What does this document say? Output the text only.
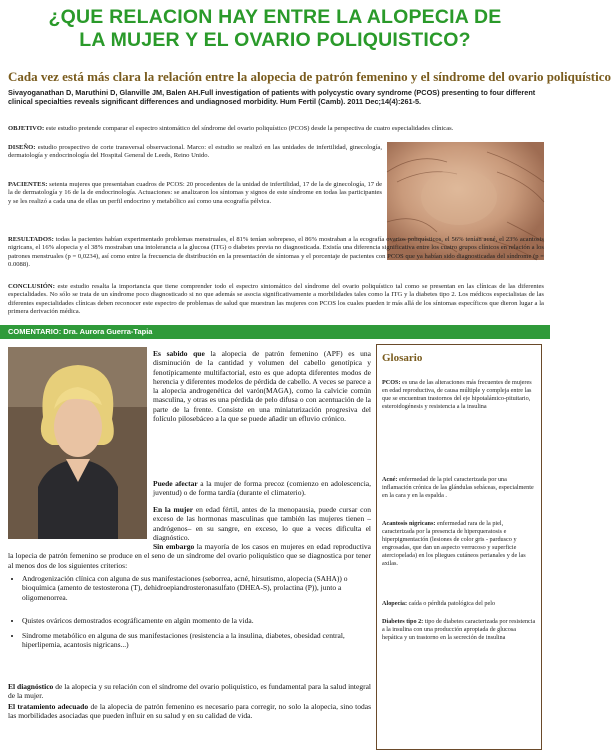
¿QUE RELACION HAY ENTRE LA ALOPECIA DE
LA MUJER Y EL OVARIO POLIQUISTICO?
Cada vez está más clara la relación entre la alopecia de patrón femenino y el síndrome del ovario poliquístico
Sivayoganathan D, Maruthini D, Glanville JM, Balen AH.Full investigation of patients with polycystic ovary syndrome (PCOS) presenting to four different clinical specialties reveals significant differences and undiagnosed morbidity. Hum Fertil (Camb). 2011 Dec;14(4):261-5.
OBJETIVO: este estudio pretende comparar el espectro sintomático del síndrome del ovario poliquístico (PCOS) desde la perspectiva de cuatro especialidades clínicas.
DISEÑO: estudio prospectivo de corte transversal observacional. Marco: el estudio se realizó en las unidades de infertilidad, ginecología, dermatología y endocrinología del Hospital General de Leeds, Reino Unido.
PACIENTES: setenta mujeres que presentaban cuadros de PCOS: 20 procedentes de la unidad de infertilidad, 17 de la de ginecología, 17 de la de dermatología y 16 de la de endocrinología. Actuaciones: se analizaron los síntomas y signos de este síndrome en todas las participantes y se les realizó a cada una de ellas un perfil endocrino y metabólico así como una ecografía pélvica.
RESULTADOS: todas la pacientes habían experimentado problemas menstruales, el 81% tenían sobrepeso, el 86% mostraban a la ecografía ovarios poliquísticos, el 56% tenían acné, el 23% acantosis nigricans, el 16% alopecia y el 38% mostraban una intolerancia a la glucosa (ITG) o diabetes previa no diagnosticada. Existía una diferencia significativa entre los cuatro grupos clínicos en relación a los patrones menstruales (p = 0,0234), así como entre la frecuencia de distribución en la presentación de síntomas y el porcentaje de pacientes con PCOS que ya habían sido diagnosticadas del síndrome (p = 0.0088).
CONCLUSIÓN: este estudio resalta la importancia que tiene comprender todo el espectro sintomático del síndrome del ovario poliquístico tal como se presentan en las clínicas de las diferentes especialidades. No sólo se trata de un síndrome poco diagnosticado si no que además se asocia significativamente a morbilidades tales como la ITG y la diabetes tipo 2. Los médicos especialistas de las diferentes especialidades clínicas deben reconocer este espectro de problemas de salud que muestran las mujeres con PCOS los cuales pueden ir más allá de los síntomas específicos que dieron lugar a la primera derivación médica.
COMENTARIO: Dra. Aurora Guerra-Tapia
Es sabido que la alopecia de patrón femenino (APF) es una disminución de la cantidad y volumen del cabello genotípica y fenotípicamente multifactorial, esto es que adopta diferentes modos de herencia y diferentes modelos de pérdida de cabello. A veces se parece a la alopecia androgenética del varón(MAGA), como la calvicie común masculina, y otras es una pérdida de pelo difusa o con acentuación de la parte de la frente. Consiste en una miniaturización progresiva del folículo pilosebáceo a la que se puede añadir un efluvio crónico.
Puede afectar a la mujer de forma precoz (comienzo en adolescencia, juventud) o de forma tardía (durante el climaterio).
En la mujer en edad fértil, antes de la menopausia, puede cursar con exceso de las hormonas masculinas que también las mujeres tienen – andrógenos– en su sangre, en exceso, lo que a veces dificulta el diagnóstico.
Sin embargo la mayoría de los casos en mujeres en edad reproductiva la lopecia de patrón femenino se produce en el seno de un síndrome del ovario poliquístico que se diagnostica por tener al menos dos de los siguientes criterios:
• Androgenización clínica con alguna de sus manifestaciones (seborrea, acné, hirsutismo, alopecia (SAHA)) o bioquímica (amento de testosterona (T), dehidroepiandrosteronasulfato (DHEA-S), prolactina (P)), junto a oligomenorrea.
• Quistes ováricos demostrados ecográficamente en algún momento de la vida.
• Síndrome metabólico en alguna de sus manifestaciones (resistencia a la insulina, diabetes, obesidad central, hiperlipemia, acantosis nigricans...)
El diagnóstico de la alopecia y su relación con el síndrome del ovario poliquístico, es fundamental para la salud integral de la mujer.
El tratamiento adecuado de la alopecia de patrón femenino es necesario para corregir, no solo la alopecia, sino todas las morbilidades asociadas que pueden influir en su salud y en su calidad de vida.
Glosario
PCOS: es una de las alteraciones más frecuentes de mujeres en edad reproductiva, de causa múltiple y compleja entre las que se encuentran trastornos del eje hipotalámico-pituitario, esteroidogénesis y resistencia a la insulina
Acné: enfermedad de la piel caracterizada por una inflamación crónica de las glándulas sebáceas, especialmente en la cara y en la espalda .
Acantosis nigricans: enfermedad rara de la piel, caracterizada por la presencia de hiperqueratosis e hiperpigmentación (lesiones de color gris - pardusco y engrosadas, que dan un aspecto verrucoso y superficie aterciopelada) en los pliegues cutáneos perianales y de las axilas.
Alopecia: caída o pérdida patológica del pelo
Diabetes tipo 2: tipo de diabetes caracterizada por resistencia a la insulina con una producción apropiada de glucosa hepática y un trastorno en la secreción de insulina
